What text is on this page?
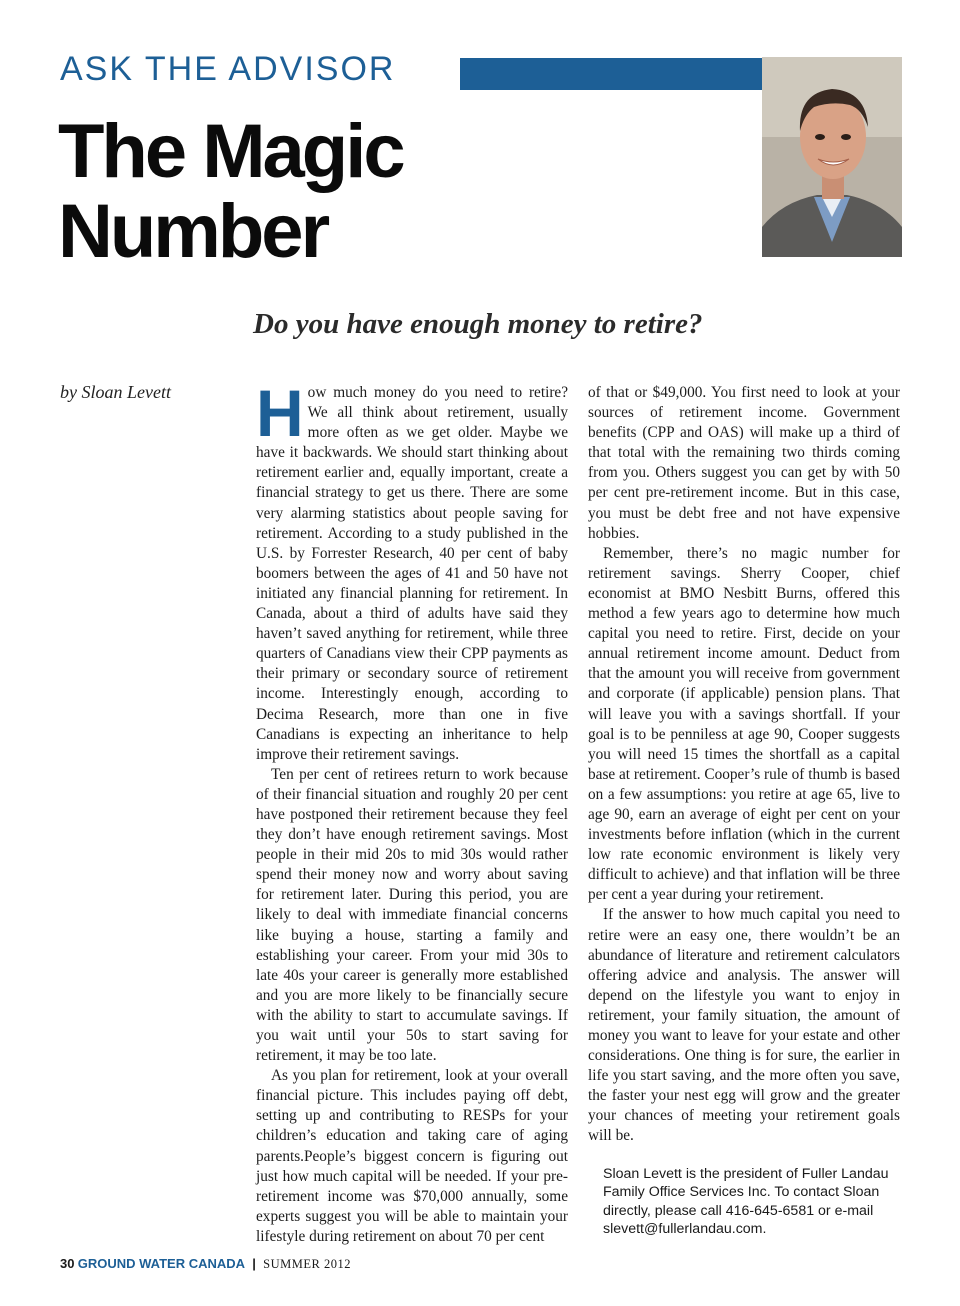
ASK THE ADVISOR
The Magic
Number
Do you have enough money to retire?
by Sloan Levett H ow much money do you need to retire? We all think about retirement, usually more often as we get older. Maybe we have it backwards. We should start thinking about retirement earlier and, equally important, create a financial strategy to get us there. There are some very alarming statistics about people saving for retirement. According to a study published in the U.S. by Forrester Research, 40 per cent of baby boomers between the ages of 41 and 50 have not initiated any financial planning for retirement. In Canada, about a third of adults have said they haven’t saved anything for retirement, while three quarters of Canadians view their CPP payments as their primary or secondary source of retirement income. Interestingly enough, according to Decima Research, more than one in five Canadians is expecting an inheritance to help improve their retirement savings.

Ten per cent of retirees return to work because of their financial situation and roughly 20 per cent have postponed their retirement because they feel they don’t have enough retirement savings. Most people in their mid 20s to mid 30s would rather spend their money now and worry about saving for retirement later. During this period, you are likely to deal with immediate financial concerns like buying a house, starting a family and establishing your career. From your mid 30s to late 40s your career is generally more established and you are more likely to be financially secure with the ability to start to accumulate savings. If you wait until your 50s to start saving for retirement, it may be too late.

As you plan for retirement, look at your overall financial picture. This includes paying off debt, setting up and contributing to RESPs for your children’s education and taking care of aging parents.People’s biggest concern is figuring out just how much capital will be needed. If your pre-retirement income was $70,000 annually, some experts suggest you will be able to maintain your lifestyle during retirement on about 70 per cent

of that or $49,000. You first need to look at your sources of retirement income. Government benefits (CPP and OAS) will make up a third of that total with the remaining two thirds coming from you. Others suggest you can get by with 50 per cent pre-retirement income. But in this case, you must be debt free and not have expensive hobbies.

Remember, there’s no magic number for retirement savings. Sherry Cooper, chief economist at BMO Nesbitt Burns, offered this method a few years ago to determine how much capital you need to retire. First, decide on your annual retirement income amount. Deduct from that the amount you will receive from government and corporate (if applicable) pension plans. That will leave you with a savings shortfall. If your goal is to be penniless at age 90, Cooper suggests you will need 15 times the shortfall as a capital base at retirement. Cooper’s rule of thumb is based on a few assumptions: you retire at age 65, live to age 90, earn an average of eight per cent on your investments before inflation (which in the current low rate economic environment is likely very difficult to achieve) and that inflation will be three per cent a year during your retirement.

If the answer to how much capital you need to retire were an easy one, there wouldn’t be an abundance of literature and retirement calculators offering advice and analysis. The answer will depend on the lifestyle you want to enjoy in retirement, your family situation, the amount of money you want to leave for your estate and other considerations. One thing is for sure, the earlier in life you start saving, and the more often you save, the faster your nest egg will grow and the greater your chances of meeting your retirement goals will be.

Sloan Levett is the president of Fuller Landau Family Office Services Inc. To contact Sloan directly, please call 416-645-6581 or e-mail slevett@fullerlandau.com.
30 GROUND WATER CANADA | SUMMER 2012
